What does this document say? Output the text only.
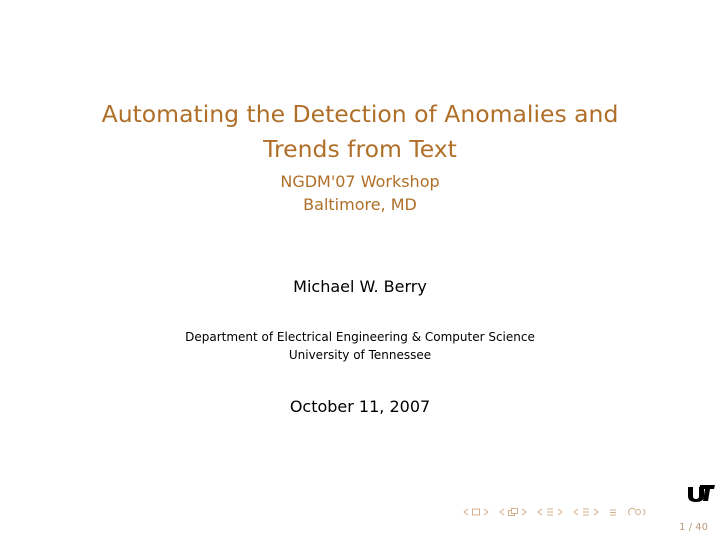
Automating the Detection of Anomalies and

Trends from Text

NGDM'07 Workshop

Baltimore, MD

Michael W. Berry
Department of Electrical Engineering & Computer Science
University of Tennessee
October 11, 2007
1 / 40
